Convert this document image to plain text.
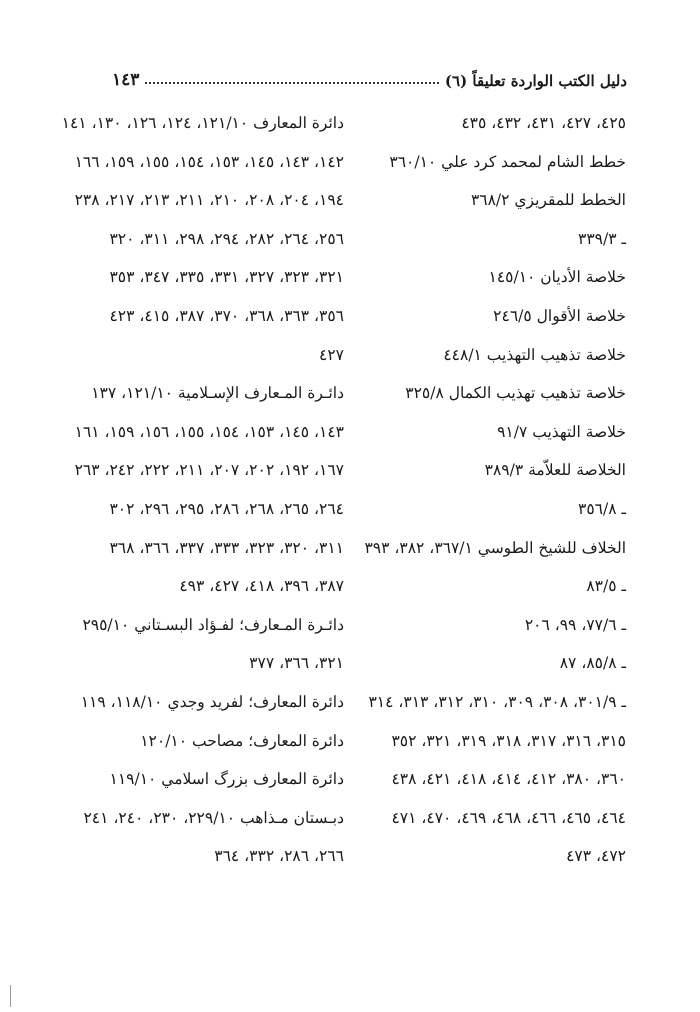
دليل الكتب الواردة تعليقاً (٦)
١٤٣
٤٢٥، ٤٢٧، ٤٣١، ٤٣٢، ٤٣٥
خطط الشام لمحمد كرد علي ٣٦٠/١٠
الخطط للمقريزي ٣٦٨/٢
ـ ٣٣٩/٣
خلاصة الأديان ١٤٥/١٠
خلاصة الأقوال ٢٤٦/٥
خلاصة تذهيب التهذيب ٤٤٨/١
خلاصة تذهيب تهذيب الكمال ٣٢٥/٨
خلاصة التهذيب ٩١/٧
الخلاصة للعلاّمة ٣٨٩/٣
ـ ٣٥٦/٨
الخلاف للشيخ الطوسي ٣٦٧/١، ٣٨٢، ٣٩٣
ـ ٨٣/٥
ـ ٧٧/٦، ٩٩، ٢٠٦
ـ ٨٥/٨، ٨٧
ـ ٣٠١/٩، ٣٠٨، ٣٠٩، ٣١٠، ٣١٢، ٣١٣، ٣١٤
٣١٥، ٣١٦، ٣١٧، ٣١٨، ٣١٩، ٣٢١، ٣٥٢
٣٦٠، ٣٨٠، ٤١٢، ٤١٤، ٤١٨، ٤٢١، ٤٣٨
٤٦٤، ٤٦٥، ٤٦٦، ٤٦٨، ٤٦٩، ٤٧٠، ٤٧١
٤٧٢، ٤٧٣
دائرة المعارف ١٢١/١٠، ١٢٤، ١٢٦، ١٣٠، ١٤١
١٤٢، ١٤٣، ١٤٥، ١٥٣، ١٥٤، ١٥٥، ١٥٩، ١٦٦
١٩٤، ٢٠٤، ٢٠٨، ٢١٠، ٢١١، ٢١٣، ٢١٧، ٢٣٨
٢٥٦، ٢٦٤، ٢٨٢، ٢٩٤، ٢٩٨، ٣١١، ٣٢٠
٣٢١، ٣٢٣، ٣٢٧، ٣٣١، ٣٣٥، ٣٤٧، ٣٥٣
٣٥٦، ٣٦٣، ٣٦٨، ٣٧٠، ٣٨٧، ٤١٥، ٤٢٣
٤٢٧
دائـرة المـعارف الإسـلامية ١٢١/١٠، ١٣٧
١٤٣، ١٤٥، ١٥٣، ١٥٤، ١٥٥، ١٥٦، ١٥٩، ١٦١
١٦٧، ١٩٢، ٢٠٢، ٢٠٧، ٢١١، ٢٢٢، ٢٤٢، ٢٦٣
٢٦٤، ٢٦٥، ٢٦٨، ٢٨٦، ٢٩٥، ٢٩٦، ٣٠٢
٣١١، ٣٢٠، ٣٢٣، ٣٣٣، ٣٣٧، ٣٦٦، ٣٦٨
٣٨٧، ٣٩٦، ٤١٨، ٤٢٧، ٤٩٣
دائـرة المـعارف؛ لفـؤاد البسـتاني ٢٩٥/١٠
٣٢١، ٣٦٦، ٣٧٧
دائرة المعارف؛ لفريد وجدي ١١٨/١٠، ١١٩
دائرة المعارف؛ مصاحب ١٢٠/١٠
دائرة المعارف بزرگ اسلامي ١١٩/١٠
دبـستان مـذاهب ٢٢٩/١٠، ٢٣٠، ٢٤٠، ٢٤١
٢٦٦، ٢٨٦، ٣٣٢، ٣٦٤
